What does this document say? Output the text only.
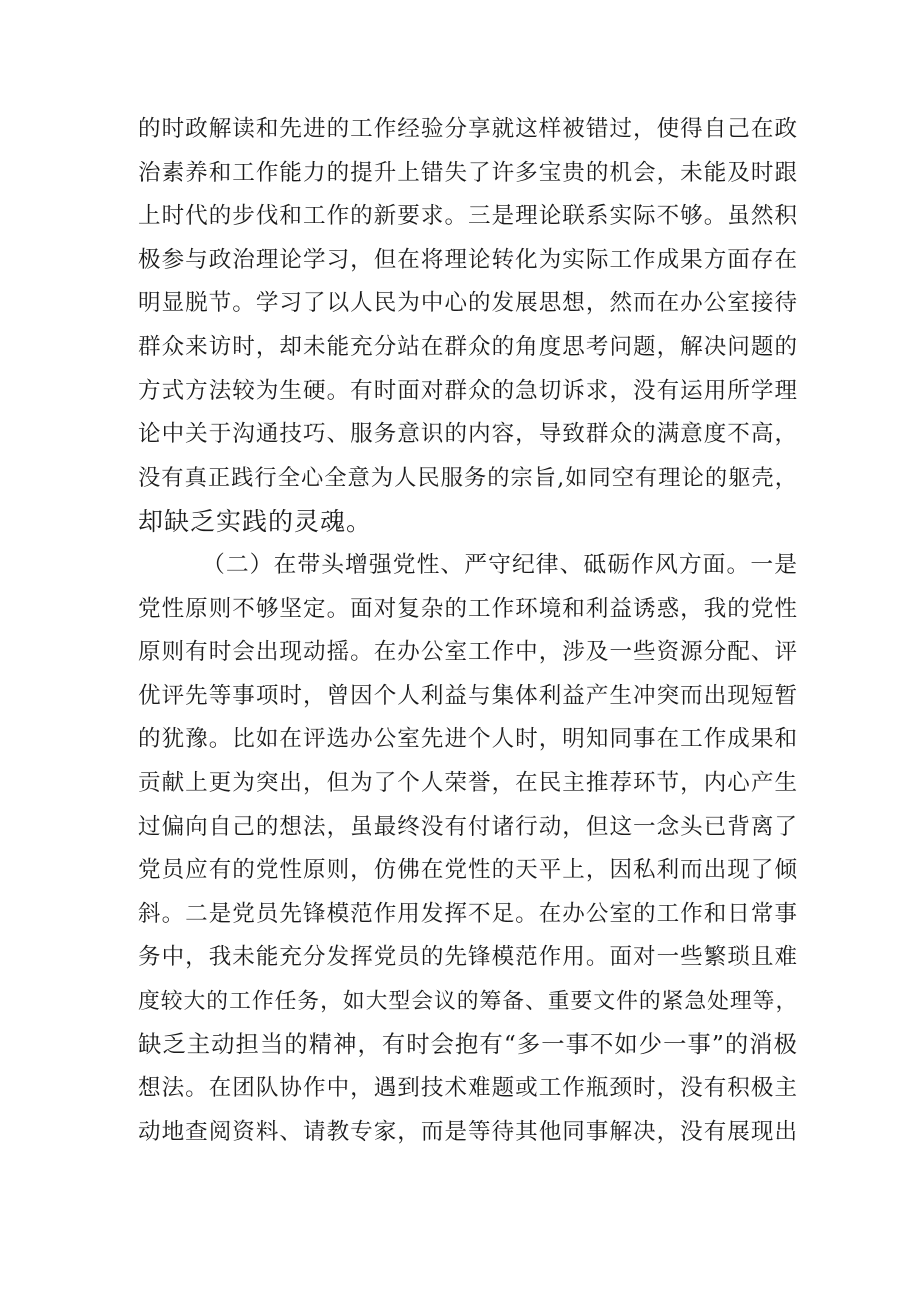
的时政解读和先进的工作经验分享就这样被错过，使得自己在政
治素养和工作能力的提升上错失了许多宝贵的机会，未能及时跟
上时代的步伐和工作的新要求。三是理论联系实际不够。虽然积
极参与政治理论学习，但在将理论转化为实际工作成果方面存在
明显脱节。学习了以人民为中心的发展思想，然而在办公室接待
群众来访时，却未能充分站在群众的角度思考问题，解决问题的
方式方法较为生硬。有时面对群众的急切诉求，没有运用所学理
论中关于沟通技巧、服务意识的内容，导致群众的满意度不高，
没有真正践行全心全意为人民服务的宗旨,如同空有理论的躯壳，
却缺乏实践的灵魂。
（二）在带头增强党性、严守纪律、砥砺作风方面。一是
党性原则不够坚定。面对复杂的工作环境和利益诱惑，我的党性
原则有时会出现动摇。在办公室工作中，涉及一些资源分配、评
优评先等事项时，曾因个人利益与集体利益产生冲突而出现短暂
的犹豫。比如在评选办公室先进个人时，明知同事在工作成果和
贡献上更为突出，但为了个人荣誉，在民主推荐环节，内心产生
过偏向自己的想法，虽最终没有付诸行动，但这一念头已背离了
党员应有的党性原则，仿佛在党性的天平上，因私利而出现了倾
斜。二是党员先锋模范作用发挥不足。在办公室的工作和日常事
务中，我未能充分发挥党员的先锋模范作用。面对一些繁琐且难
度较大的工作任务，如大型会议的筹备、重要文件的紧急处理等，
缺乏主动担当的精神，有时会抱有“多一事不如少一事”的消极
想法。在团队协作中，遇到技术难题或工作瓶颈时，没有积极主
动地查阅资料、请教专家，而是等待其他同事解决，没有展现出
